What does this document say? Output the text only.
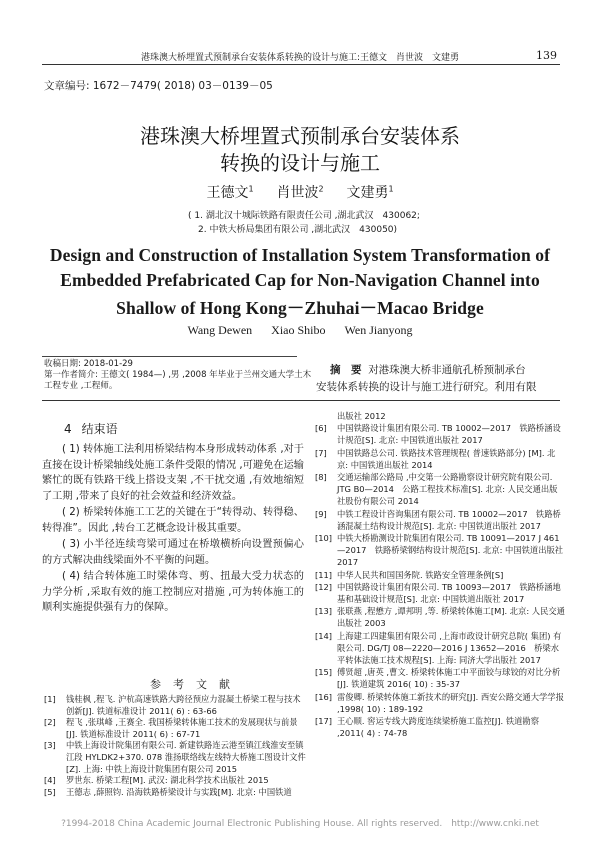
港珠澳大桥埋置式预制承台安装体系转换的设计与施工:王德文　肖世波　文建勇	139
文章编号: 1672－7479( 2018) 03－0139－05
港珠澳大桥埋置式预制承台安装体系
转换的设计与施工
王德文$^1$ 　 肖世波$^2$ 　 文建勇$^1$
( 1. 湖北汉十城际铁路有限责任公司 ,湖北武汉　430062;
2. 中铁大桥局集团有限公司 ,湖北武汉　430050)
Design and Construction of Installation System Transformation of
Embedded Prefabricated Cap for Non-Navigation Channel into
Shallow of Hong Kong－Zhuhai－Macao Bridge
Wang Dewen Xiao Shibo Wen Jianyong
收稿日期: 2018-01-29
第一作者简介: 王德文( 1984—) ,男 ,2008 年毕业于兰州交通大学土木
工程专业 ,工程师。
摘　要 对港珠澳大桥非通航孔桥预制承台
安装体系转换的设计与施工进行研究。利用有限
4 结束语

( 1) 转体施工法利用桥梁结构本身形成转动体系 ,对于直接在设计桥梁轴线处施工条件受限的情况 ,可避免在运输繁忙的既有铁路干线上搭设支架 ,不干扰交通 ,有效地缩短了工期 ,带来了良好的社会效益和经济效益。

( 2) 桥梁转体施工工艺的关键在于“转得动、转得稳、转得准”。因此 ,转台工艺概念设计极其重要。

( 3) 小半径连续弯梁可通过在桥墩横桥向设置预偏心的方式解决曲线梁面外不平衡的问题。

( 4) 结合转体施工时梁体弯、剪、扭最大受力状态的力学分析 ,采取有效的施工控制应对措施 ,可为转体施工的顺利实施提供强有力的保障。

参考文献
[1]	钱桂枫 ,程飞. 沪杭高速铁路大跨径预应力混凝土桥梁工程与技术创新[J]. 铁道标准设计 2011( 6) : 63-66
[2]	程飞 ,张琪峰 ,王赛全. 我国桥梁转体施工技术的发展现状与前景[J]. 铁道标准设计 2011( 6) : 67-71
[3]	中铁上海设计院集团有限公司. 新建铁路连云港至镇江线淮安至镇江段 HYLDK2+370. 078 淮扬联络线左线特大桥施工图设计文件[Z]. 上海: 中铁上海设计院集团有限公司 2015
[4]	罗世东. 桥梁工程[M]. 武汉: 湖北科学技术出版社 2015
[5]	王德志 ,薛照钧. 沿海铁路桥梁设计与实践[M]. 北京: 中国铁道
出版社 2012
[6]	中国铁路设计集团有限公司. TB 10002—2017　铁路桥涵设计规范[S]. 北京: 中国铁道出版社 2017
[7]	中国铁路总公司. 铁路技术管理规程( 普速铁路部分) [M]. 北京: 中国铁道出版社 2014
[8]	交通运输部公路局 ,中交第一公路勘察设计研究院有限公司. JTG B0—2014　公路工程技术标准[S]. 北京: 人民交通出版社股份有限公司 2014
[9]	中铁工程设计咨询集团有限公司. TB 10002—2017　铁路桥涵混凝土结构设计规范[S]. 北京: 中国铁道出版社 2017
[10] 中铁大桥勘测设计院集团有限公司. TB 10091—2017 J 461—2017　铁路桥梁钢结构设计规范[S]. 北京: 中国铁道出版社 2017
[11] 中华人民共和国国务院. 铁路安全管理条例[S]
[12] 中国铁路设计集团有限公司. TB 10093—2017　铁路桥涵地基和基础设计规范[S]. 北京: 中国铁道出版社 2017
[13] 张联燕 ,程懋方 ,谭邦明 ,等. 桥梁转体施工[M]. 北京: 人民交通出版社 2003
[14] 上海建工四建集团有限公司 ,上海市政设计研究总院( 集团) 有限公司. DG/TJ 08—2220—2016 J 13652—2016　桥梁水平转体法施工技术规程[S]. 上海: 同济大学出版社 2017
[15] 傅贤超 ,唐英 ,曹文. 桥梁转体施工中平面铰与球铰的对比分析[J]. 铁道建筑 2016( 10) : 35-37
[16] 雷俊卿. 桥梁转体施工新技术的研究[J]. 西安公路交通大学学报 ,1998( 10) : 189-192
[17] 王心顺. 窖运专线大跨度连续梁桥施工监控[J]. 铁道勘察 ,2011( 4) : 74-78
?1994-2018 China Academic Journal Electronic Publishing House. All rights reserved.　http://www.cnki.net
